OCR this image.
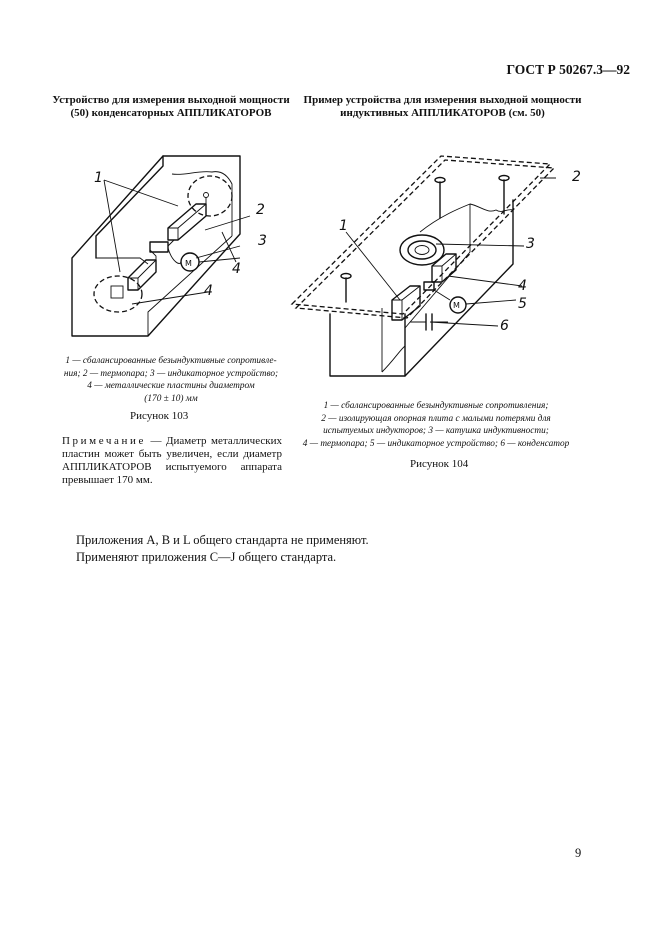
ГОСТ Р 50267.3—92
Устройство для измерения выходной мощности
(50) конденсаторных АППЛИКАТОРОВ
Пример устройства для измерения выходной мощности
индуктивных АППЛИКАТОРОВ (см. 50)
М
1
2
3
4
4
М
1
2
3
4
5
6
1 — сбалансированные безындуктивные сопротивле-
ния; 2 — термопара; 3 — индикаторное устройство;
4 — металлические пластины диаметром
(170 ± 10) мм
Рисунок 103
Примечание — Диаметр металлических пластин может быть увеличен, если диаметр АППЛИКАТОРОВ испытуемого аппарата превышает 170 мм.
1 — сбалансированные безындуктивные сопротивления;
2 — изолирующая опорная плита с малыми потерями для
испытуемых индукторов; 3 — катушка индуктивности;
4 — термопара; 5 — индикаторное устройство; 6 — конденсатор
Рисунок 104
Приложения А, В и L общего стандарта не применяют.
Применяют приложения С—J общего стандарта.
9
